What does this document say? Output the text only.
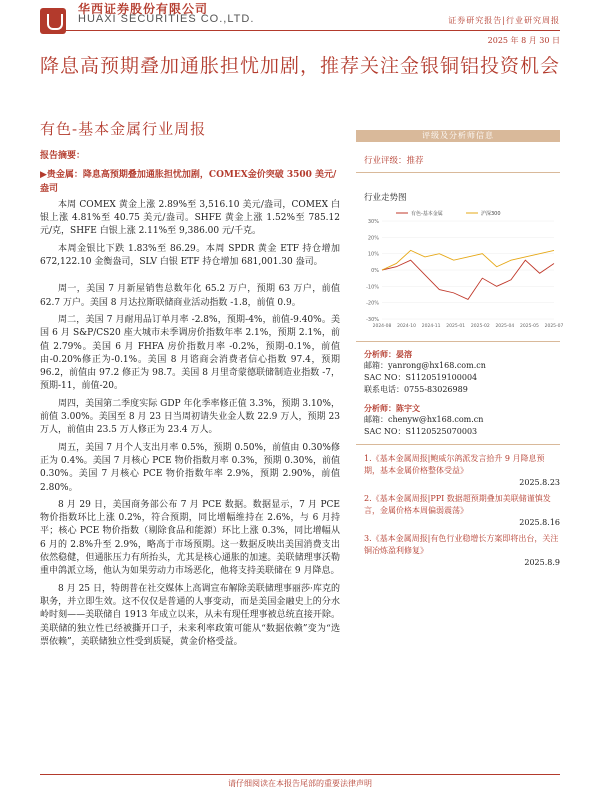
华西证券股份有限公司
HUAXI SECURITIES CO.,LTD.	证券研究报告|行业研究周报
2025 年 8 月 30 日
降息高预期叠加通胀担忧加剧，推荐关注金银铜铝投资机会
有色-基本金属行业周报
报告摘要：
▶贵金属：降息高预期叠加通胀担忧加剧，COMEX金价突破 3500 美元/盎司

本周 COMEX 黄金上涨 2.89%至 3,516.10 美元/盎司，COMEX 白银上涨 4.81%至 40.75 美元/盎司。SHFE 黄金上涨 1.52%至 785.12 元/克，SHFE 白银上涨 2.11%至 9,386.00 元/千克。

本周金银比下跌 1.83%至 86.29。本周 SPDR 黄金 ETF 持仓增加 672,122.10 金衡盎司，SLV 白银 ETF 持仓增加 681,001.30 盎司。

周一，美国 7 月新屋销售总数年化 65.2 万户，预期 63 万户，前值 62.7 万户。美国 8 月达拉斯联储商业活动指数 -1.8，前值 0.9。

周二，美国 7 月耐用品订单月率 -2.8%，预期-4%，前值-9.40%。美国 6 月 S&P/CS20 座大城市未季调房价指数年率 2.1%，预期 2.1%，前值 2.79%。美国 6 月 FHFA 房价指数月率 -0.2%，预期-0.1%，前值由-0.20%修正为-0.1%。美国 8 月谘商会消费者信心指数 97.4，预期 96.2，前值由 97.2 修正为 98.7。美国 8 月里奇蒙德联储制造业指数 -7，预期-11，前值-20。

周四，美国第二季度实际 GDP 年化季率修正值 3.3%，预期 3.10%，前值 3.00%。美国至 8 月 23 日当周初请失业金人数 22.9 万人，预期 23 万人，前值由 23.5 万人修正为 23.4 万人。

周五，美国 7 月个人支出月率 0.5%，预期 0.50%，前值由 0.30%修正为 0.4%。美国 7 月核心 PCE 物价指数月率 0.3%，预期 0.30%，前值 0.30%。美国 7 月核心 PCE 物价指数年率 2.9%，预期 2.90%，前值 2.80%。

8 月 29 日，美国商务部公布 7 月 PCE 数据。数据显示，7 月 PCE 物价指数环比上涨 0.2%，符合预期，同比增幅维持在 2.6%，与 6 月持平；核心 PCE 物价指数（剔除食品和能源）环比上涨 0.3%，同比增幅从 6 月的 2.8%升至 2.9%，略高于市场预期。这一数据反映出美国消费支出依然稳健，但通胀压力有所抬头，尤其是核心通胀的加速。美联储理事沃勒重申鸽派立场，他认为如果劳动力市场恶化，他将支持美联储在 9 月降息。

8 月 25 日，特朗普在社交媒体上高调宣布解除美联储理事丽莎·库克的职务，并立即生效。这不仅仅是普通的人事变动，而是美国金融史上的分水岭时刻——美联储自 1913 年成立以来，从未有现任理事被总统直接开除。美联储的独立性已经被撕开口子，未来利率政策可能从“数据依赖”变为“选票依赖”，美联储独立性受到质疑，黄金价格受益。

评级及分析师信息
行业评级：推荐
行业走势图
30%
20%
10%
0%
-10%
-20%
-30%
2024-08 2024-10 2024-11 2025-01 2025-02 2025-04 2025-05 2025-07
有色-基本金属	沪深300
分析师：晏溶
邮箱：yanrong@hx168.com.cn
SAC NO：S1120519100004
联系电话：0755-83026989
分析师：陈宇文
邮箱：chenyw@hx168.com.cn
SAC NO：S1120525070003
1.《基本金属周报|鲍威尔鸽派发言拾升 9 月降息预期，基本金属价格整体受益》
2025.8.23
2.《基本金属周报|PPI 数据超预期叠加美联储谨慎发言，金属价格本周偏弱震荡》
2025.8.16
3.《基本金属周报|有色行业稳增长方案即将出台，关注铜冶炼盈利修复》
2025.8.9
请仔细阅读在本报告尾部的重要法律声明
